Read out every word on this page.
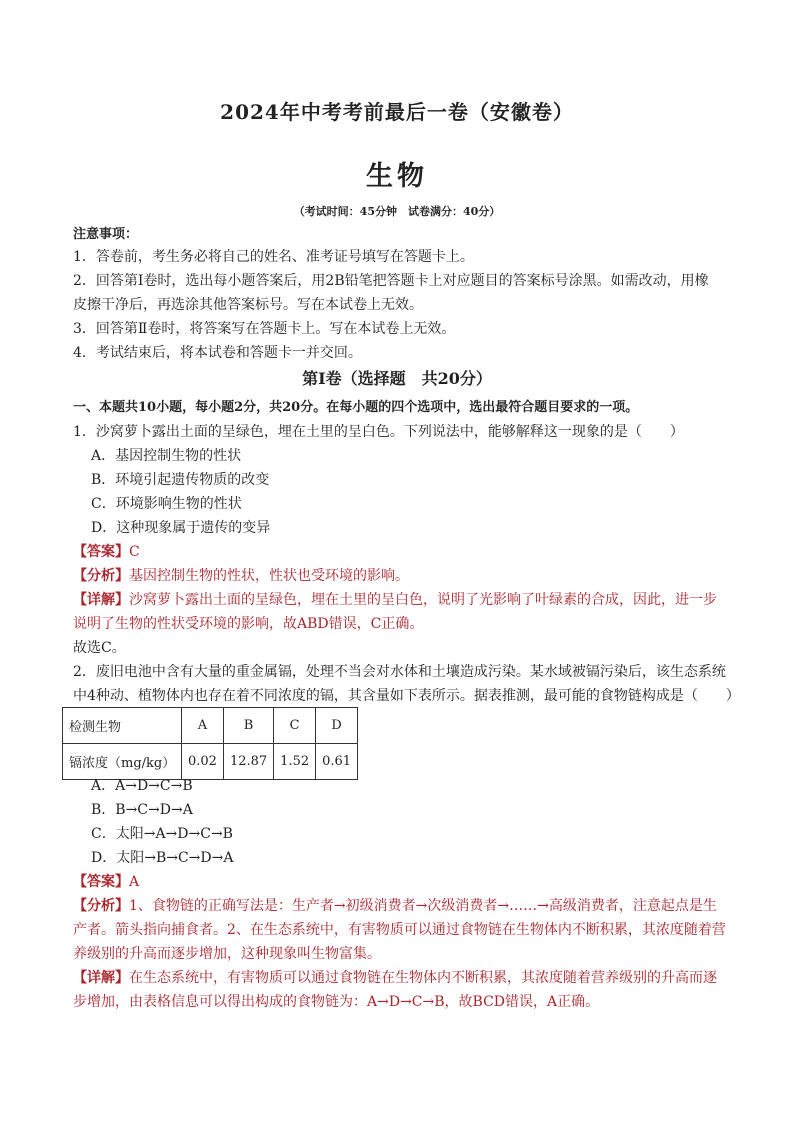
2024年中考考前最后一卷（安徽卷）
生物
（考试时间：45分钟　试卷满分：40分）
注意事项：
1．答卷前，考生务必将自己的姓名、准考证号填写在答题卡上。
2．回答第Ⅰ卷时，选出每小题答案后，用2B铅笔把答题卡上对应题目的答案标号涂黑。如需改动，用橡
皮擦干净后，再选涂其他答案标号。写在本试卷上无效。
3．回答第Ⅱ卷时，将答案写在答题卡上。写在本试卷上无效。
4．考试结束后，将本试卷和答题卡一并交回。
第Ⅰ卷（选择题　共20分）
一、本题共10小题，每小题2分，共20分。在每小题的四个选项中，选出最符合题目要求的一项。
1．沙窝萝卜露出土面的呈绿色，埋在土里的呈白色。下列说法中，能够解释这一现象的是（　　）
A．基因控制生物的性状
B．环境引起遗传物质的改变
C．环境影响生物的性状
D．这种现象属于遗传的变异
【答案】C
【分析】基因控制生物的性状，性状也受环境的影响。
【详解】沙窝萝卜露出土面的呈绿色，埋在土里的呈白色，说明了光影响了叶绿素的合成，因此，进一步
说明了生物的性状受环境的影响，故ABD错误，C正确。
故选C。
2．废旧电池中含有大量的重金属镉，处理不当会对水体和土壤造成污染。某水域被镉污染后，该生态系统
中4种动、植物体内也存在着不同浓度的镉，其含量如下表所示。据表推测，最可能的食物链构成是（　　）
检测生物	A	B	C	D
镉浓度（mg/kg）	0.02	12.87	1.52	0.61
A．A→D→C→B
B．B→C→D→A
C．太阳→A→D→C→B
D．太阳→B→C→D→A
【答案】A
【分析】1、食物链的正确写法是：生产者→初级消费者→次级消费者→……→高级消费者，注意起点是生
产者。箭头指向捕食者。2、在生态系统中，有害物质可以通过食物链在生物体内不断积累，其浓度随着营
养级别的升高而逐步增加，这种现象叫生物富集。
【详解】在生态系统中，有害物质可以通过食物链在生物体内不断积累，其浓度随着营养级别的升高而逐
步增加，由表格信息可以得出构成的食物链为：A→D→C→B，故BCD错误，A正确。
